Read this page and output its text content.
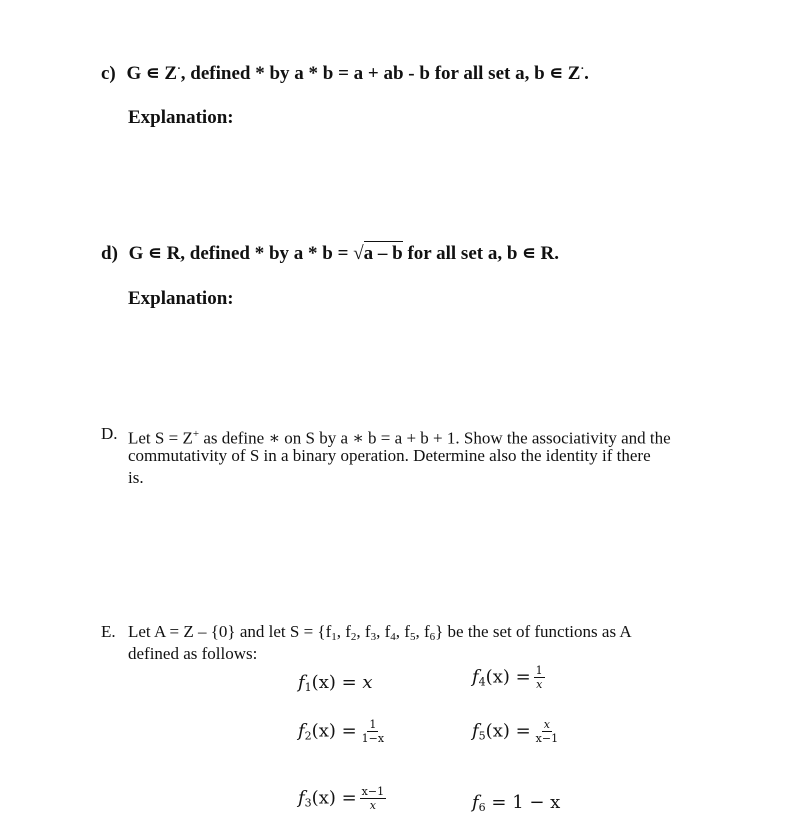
c) G ∊ Z·, defined * by a * b = a + ab - b for all set a, b ∊ Z·.
Explanation:
d) G ∊ R, defined * by a * b = √a – b for all set a, b ∊ R.
Explanation:
D. Let S = Z+ as define ∗ on S by a ∗ b = a + b + 1. Show the associativity and the
commutativity of S in a binary operation. Determine also the identity if there
is.
E. Let A = Z – {0} and let $S = \{f_1$, $f_2$, $f_3$, $f_4$, $f_5$, $f_6$} be the set of functions as A
defined as follows:
$f_1(x) = x$	$f_4(x) = \frac{1}{x}$
$f_2(x) = \frac{1}{1-x}$	$f_5(x) = \frac{x}{x-1}$
$f_3(x) = \frac{x-1}{x}$	$f_6 = 1 - x$
